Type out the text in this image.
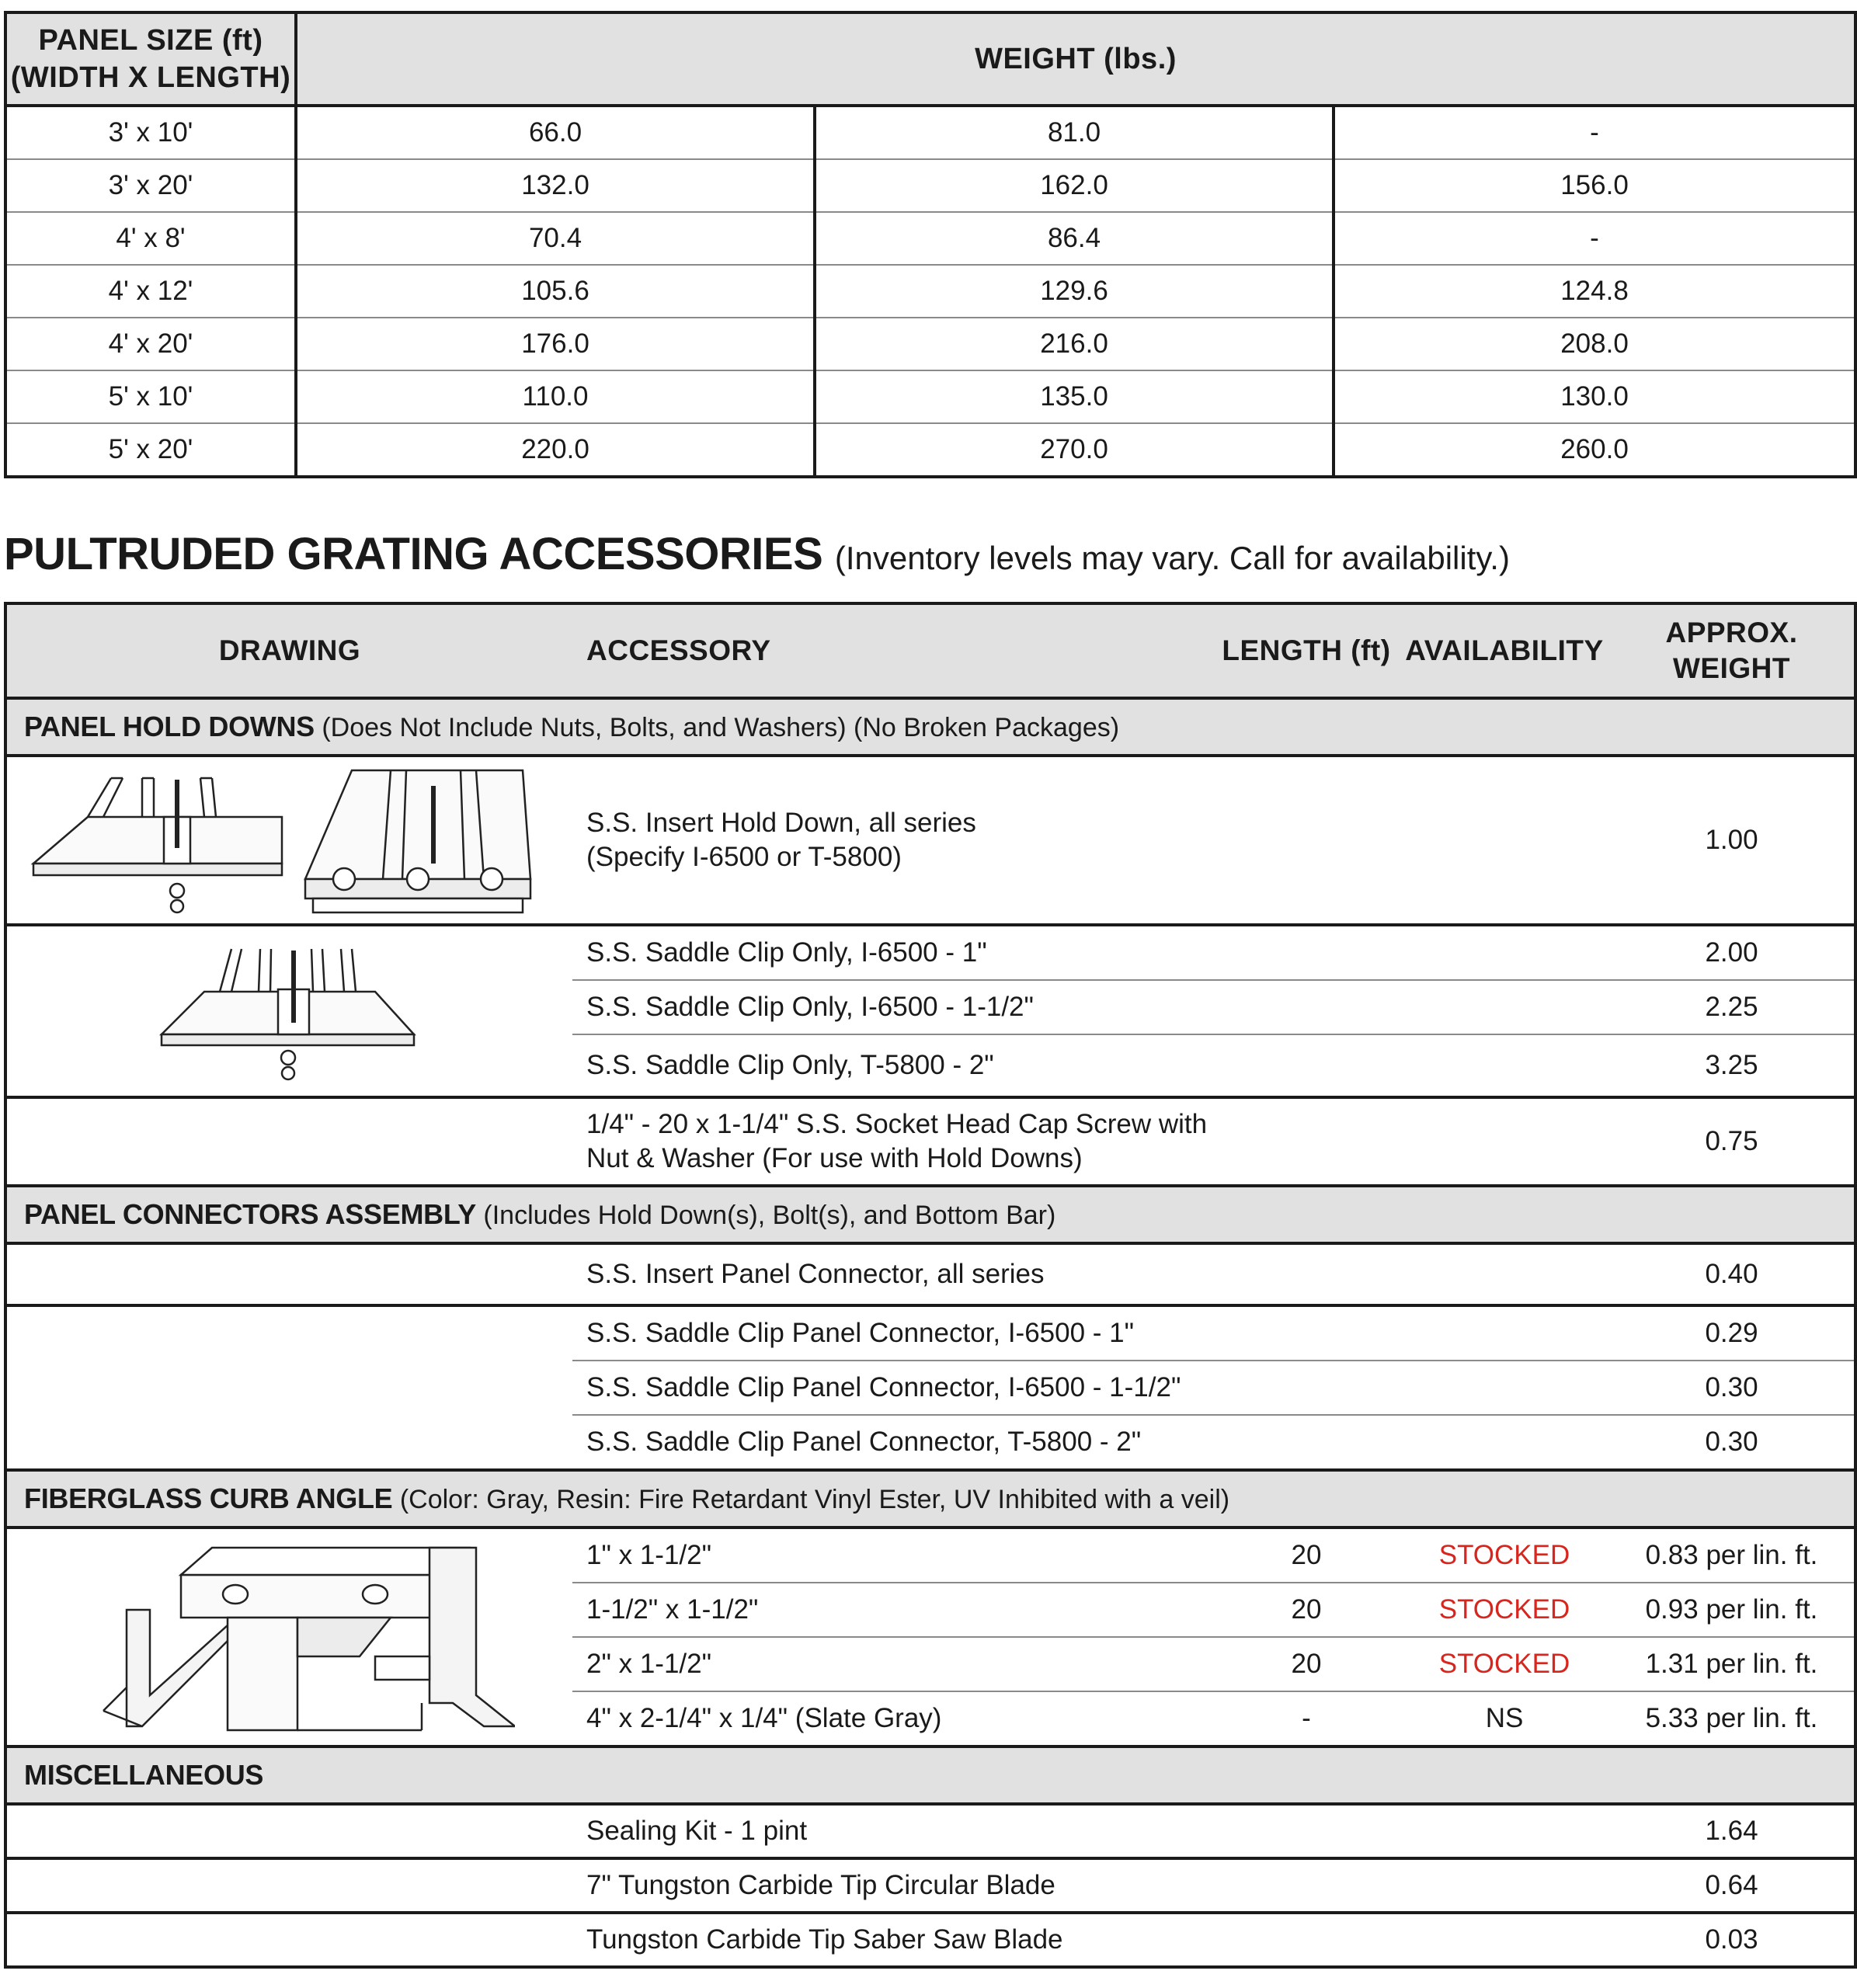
PANEL SIZE (ft)
(WIDTH X LENGTH)	WEIGHT (lbs.)		
3' x 10'	66.0	81.0	-
3' x 20'	132.0	162.0	156.0
4' x 8'	70.4	86.4	-
4' x 12'	105.6	129.6	124.8
4' x 20'	176.0	216.0	208.0
5' x 10'	110.0	135.0	130.0
5' x 20'	220.0	270.0	260.0
PULTRUDED GRATING ACCESSORIES (Inventory levels may vary. Call for availability.)
DRAWING	ACCESSORY	LENGTH (ft)	AVAILABILITY	APPROX.
WEIGHT
PANEL HOLD DOWNS (Does Not Include Nuts, Bolts, and Washers) (No Broken Packages)				

	S.S. Insert Hold Down, all series
(Specify I-6500 or T-5800)			1.00

	S.S. Saddle Clip Only, I-6500 - 1"			2.00
	S.S. Saddle Clip Only, I-6500 - 1-1/2"			2.25
	S.S. Saddle Clip Only, T-5800 - 2"			3.25
	1/4" - 20 x 1-1/4" S.S. Socket Head Cap Screw with
Nut & Washer (For use with Hold Downs)			0.75
PANEL CONNECTORS ASSEMBLY (Includes Hold Down(s), Bolt(s), and Bottom Bar)				
	S.S. Insert Panel Connector, all series			0.40
	S.S. Saddle Clip Panel Connector, I-6500 - 1"			0.29
	S.S. Saddle Clip Panel Connector, I-6500 - 1-1/2"			0.30
	S.S. Saddle Clip Panel Connector, T-5800 - 2"			0.30
FIBERGLASS CURB ANGLE (Color: Gray, Resin: Fire Retardant Vinyl Ester, UV Inhibited with a veil)				

	1" x 1-1/2"	20	STOCKED	0.83 per lin. ft.
	1-1/2" x 1-1/2"	20	STOCKED	0.93 per lin. ft.
	2" x 1-1/2"	20	STOCKED	1.31 per lin. ft.
	4" x 2-1/4" x 1/4" (Slate Gray)	-	NS	5.33 per lin. ft.
MISCELLANEOUS				
	Sealing Kit - 1 pint			1.64
	7" Tungston Carbide Tip Circular Blade			0.64
	Tungston Carbide Tip Saber Saw Blade			0.03
